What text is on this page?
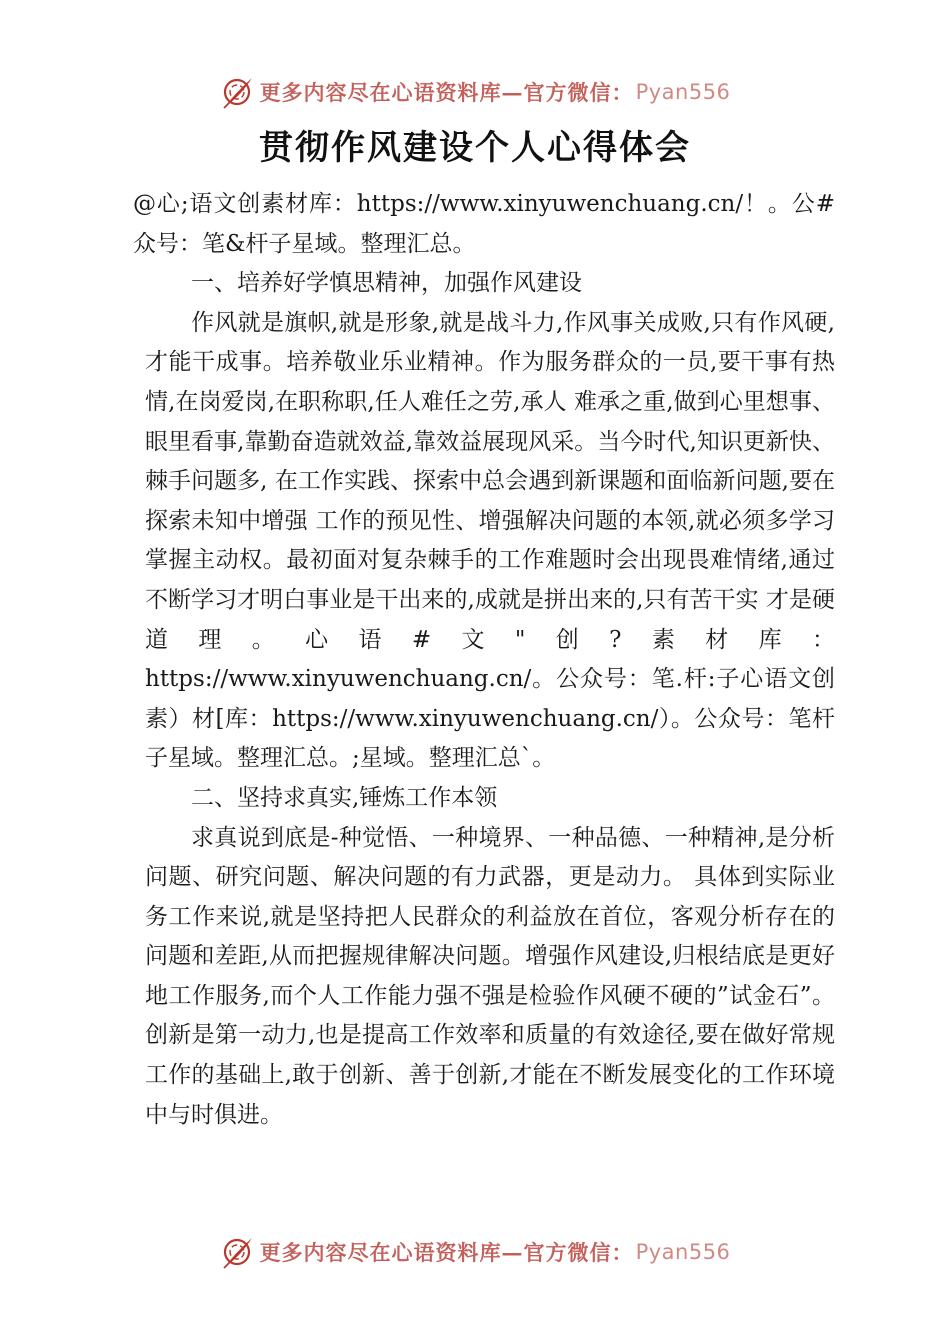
更多内容尽在心语资料库—官方微信： Pyan556
贯彻作风建设个人心得体会

@心;语文创素材库：https://www.xinyuwenchuang.cn/！。公#众号：笔&杆子星域。整理汇总。

一、培养好学慎思精神，加强作风建设

作风就是旗帜,就是形象,就是战斗力,作风事关成败,只有作风硬,才能干成事。培养敬业乐业精神。作为服务群众的一员,要干事有热情,在岗爱岗,在职称职,任人难任之劳,承人 难承之重,做到心里想事、眼里看事,靠勤奋造就效益,靠效益展现风采。当今时代,知识更新快、棘手问题多, 在工作实践、探索中总会遇到新课题和面临新问题,要在探索未知中增强 工作的预见性、增强解决问题的本领,就必须多学习掌握主动权。最初面对复杂棘手的工作难题时会出现畏难情绪,通过不断学习才明白事业是干出来的,成就是拼出来的,只有苦干实 才是硬道理。心语#文"创?素材库：https://www.xinyuwenchuang.cn/。公众号：笔.杆:子心语文创素）材[库：https://www.xinyuwenchuang.cn/）。公众号：笔杆子星域。整理汇总。;星域。整理汇总`。

二、坚持求真实,锤炼工作本领

求真说到底是-种觉悟、一种境界、一种品德、一种精神,是分析问题、研究问题、解决问题的有力武器，更是动力。 具体到实际业务工作来说,就是坚持把人民群众的利益放在首位，客观分析存在的问题和差距,从而把握规律解决问题。增强作风建设,归根结底是更好地工作服务,而个人工作能力强不强是检验作风硬不硬的”试金石”。创新是第一动力,也是提高工作效率和质量的有效途径,要在做好常规工作的基础上,敢于创新、善于创新,才能在不断发展变化的工作环境中与时俱进。

更多内容尽在心语资料库—官方微信： Pyan556
